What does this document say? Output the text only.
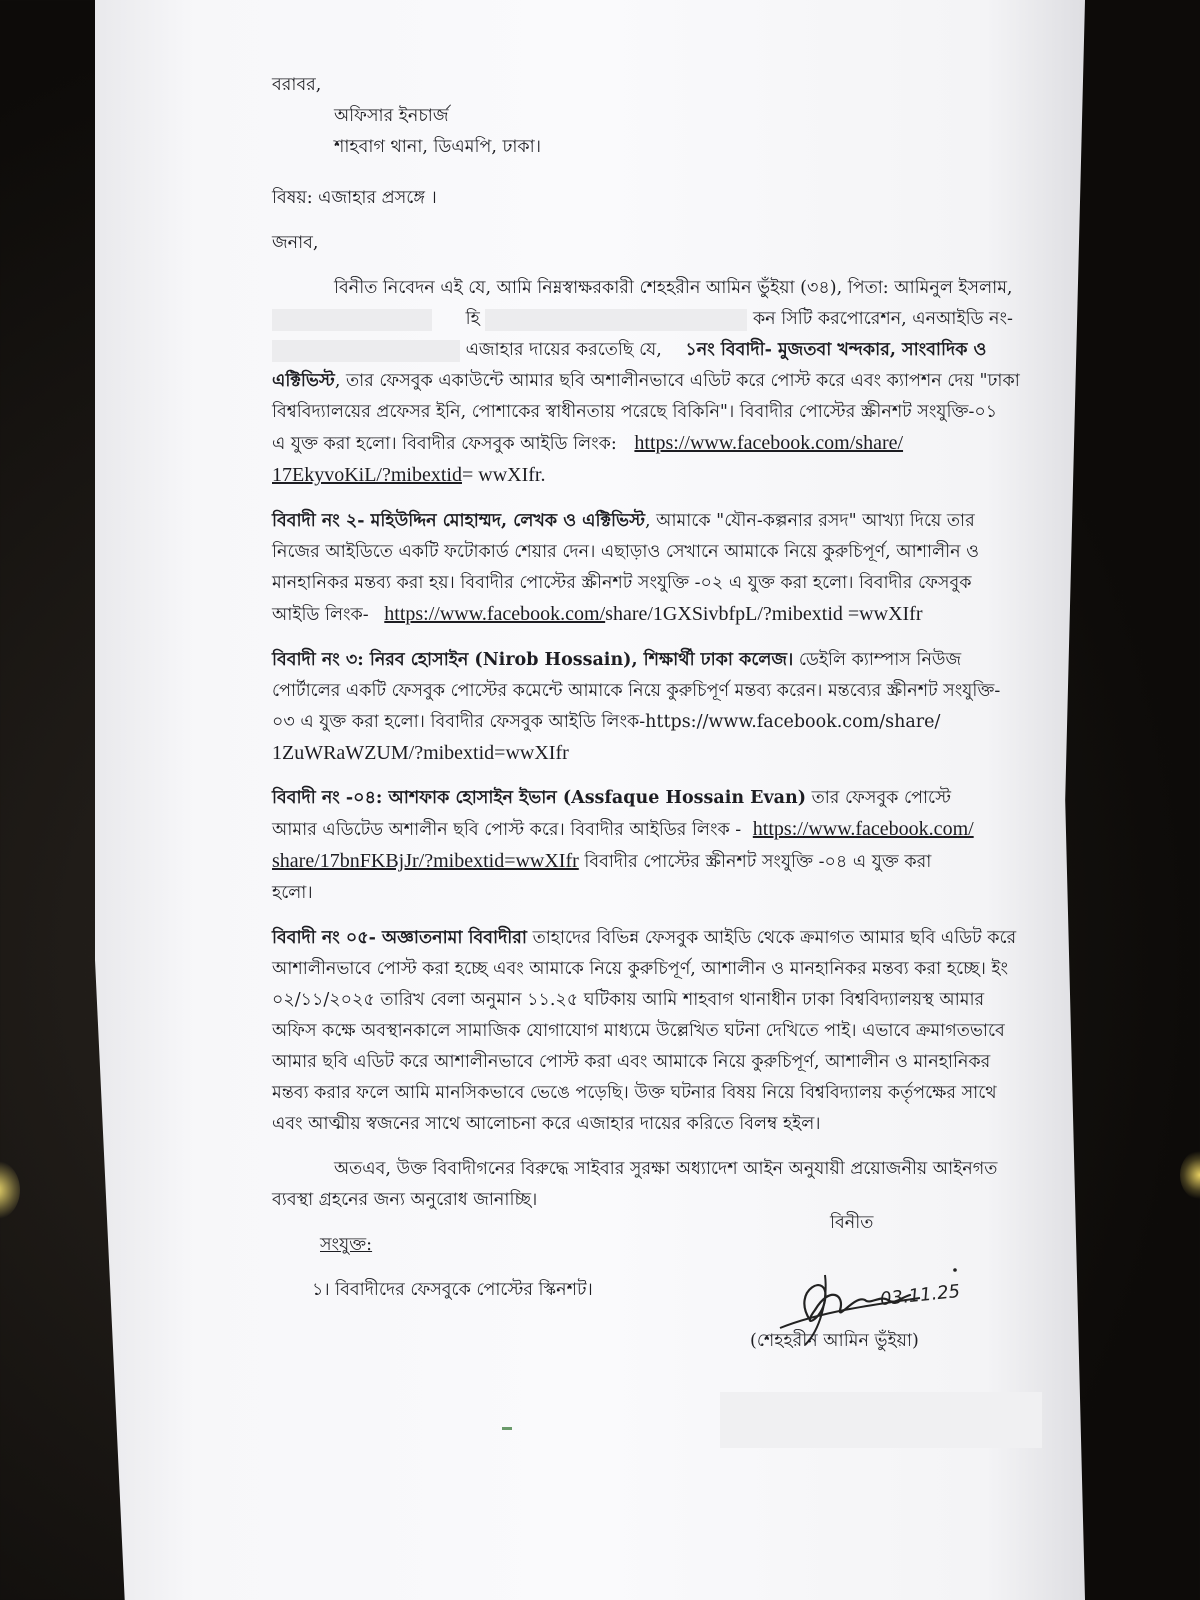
বরাবর,
অফিসার ইনচার্জ
শাহবাগ থানা, ডিএমপি, ঢাকা।
বিষয়: এজাহার প্রসঙ্গে ।
জনাব,
বিনীত নিবেদন এই যে, আমি নিম্নস্বাক্ষরকারী শেহহরীন আমিন ভুঁইয়া (৩৪), পিতা: আমিনুল ইসলাম,
হি	কন সিটি করপোরেশন, এনআইডি নং-
এজাহার দায়ের করতেছি যে, ১নং বিবাদী- মুজতবা খন্দকার, সাংবাদিক ও
এক্টিভিস্ট, তার ফেসবুক একাউন্টে আমার ছবি অশালীনভাবে এডিট করে পোস্ট করে এবং ক্যাপশন দেয় "ঢাকা
বিশ্ববিদ্যালয়ের প্রফেসর ইনি, পোশাকের স্বাধীনতায় পরেছে বিকিনি"। বিবাদীর পোস্টের স্ক্রীনশট সংযুক্তি-০১
এ যুক্ত করা হলো। বিবাদীর ফেসবুক আইডি লিংক: https://www.facebook.com/share/
17EkyvoKiL/?mibextid= wwXIfr.
বিবাদী নং ২- মহিউদ্দিন মোহাম্মদ, লেখক ও এক্টিভিস্ট, আমাকে "যৌন-কল্পনার রসদ" আখ্যা দিয়ে তার
নিজের আইডিতে একটি ফটোকার্ড শেয়ার দেন। এছাড়াও সেখানে আমাকে নিয়ে কুরুচিপূর্ণ, আশালীন ও
মানহানিকর মন্তব্য করা হয়। বিবাদীর পোস্টের স্ক্রীনশট সংযুক্তি -০২ এ যুক্ত করা হলো। বিবাদীর ফেসবুক
আইডি লিংক- https://www.facebook.com/share/1GXSivbfpL/?mibextid =wwXIfr
বিবাদী নং ৩: নিরব হোসাইন (Nirob Hossain), শিক্ষার্থী ঢাকা কলেজ। ডেইলি ক্যাম্পাস নিউজ
পোর্টালের একটি ফেসবুক পোস্টের কমেন্টে আমাকে নিয়ে কুরুচিপূর্ণ মন্তব্য করেন। মন্তব্যের স্ক্রীনশট সংযুক্তি-
০৩ এ যুক্ত করা হলো। বিবাদীর ফেসবুক আইডি লিংক-https://www.facebook.com/share/
1ZuWRaWZUM/?mibextid=wwXIfr
বিবাদী নং -০৪: আশফাক হোসাইন ইভান (Assfaque Hossain Evan) তার ফেসবুক পোস্টে
আমার এডিটেড অশালীন ছবি পোস্ট করে। বিবাদীর আইডির লিংক - https://www.facebook.com/
share/17bnFKBjJr/?mibextid=wwXIfr বিবাদীর পোস্টের স্ক্রীনশট সংযুক্তি -০৪ এ যুক্ত করা
হলো।
বিবাদী নং ০৫- অজ্ঞাতনামা বিবাদীরা তাহাদের বিভিন্ন ফেসবুক আইডি থেকে ক্রমাগত আমার ছবি এডিট করে
আশালীনভাবে পোস্ট করা হচ্ছে এবং আমাকে নিয়ে কুরুচিপূর্ণ, আশালীন ও মানহানিকর মন্তব্য করা হচ্ছে। ইং
০২/১১/২০২৫ তারিখ বেলা অনুমান ১১.২৫ ঘটিকায় আমি শাহবাগ থানাধীন ঢাকা বিশ্ববিদ্যালয়স্থ আমার
অফিস কক্ষে অবস্থানকালে সামাজিক যোগাযোগ মাধ্যমে উল্লেখিত ঘটনা দেখিতে পাই। এভাবে ক্রমাগতভাবে
আমার ছবি এডিট করে আশালীনভাবে পোস্ট করা এবং আমাকে নিয়ে কুরুচিপূর্ণ, আশালীন ও মানহানিকর
মন্তব্য করার ফলে আমি মানসিকভাবে ভেঙে পড়েছি। উক্ত ঘটনার বিষয় নিয়ে বিশ্ববিদ্যালয় কর্তৃপক্ষের সাথে
এবং আত্মীয় স্বজনের সাথে আলোচনা করে এজাহার দায়ের করিতে বিলম্ব হইল।
অতএব, উক্ত বিবাদীগনের বিরুদ্ধে সাইবার সুরক্ষা অধ্যাদেশ আইন অনুযায়ী প্রয়োজনীয় আইনগত
ব্যবস্থা গ্রহনের জন্য অনুরোধ জানাচ্ছি।
সংযুক্ত:
১। বিবাদীদের ফেসবুকে পোস্টের স্কিনশট।
বিনীত
03.11.25
(শেহহরীন আমিন ভুঁইয়া)
